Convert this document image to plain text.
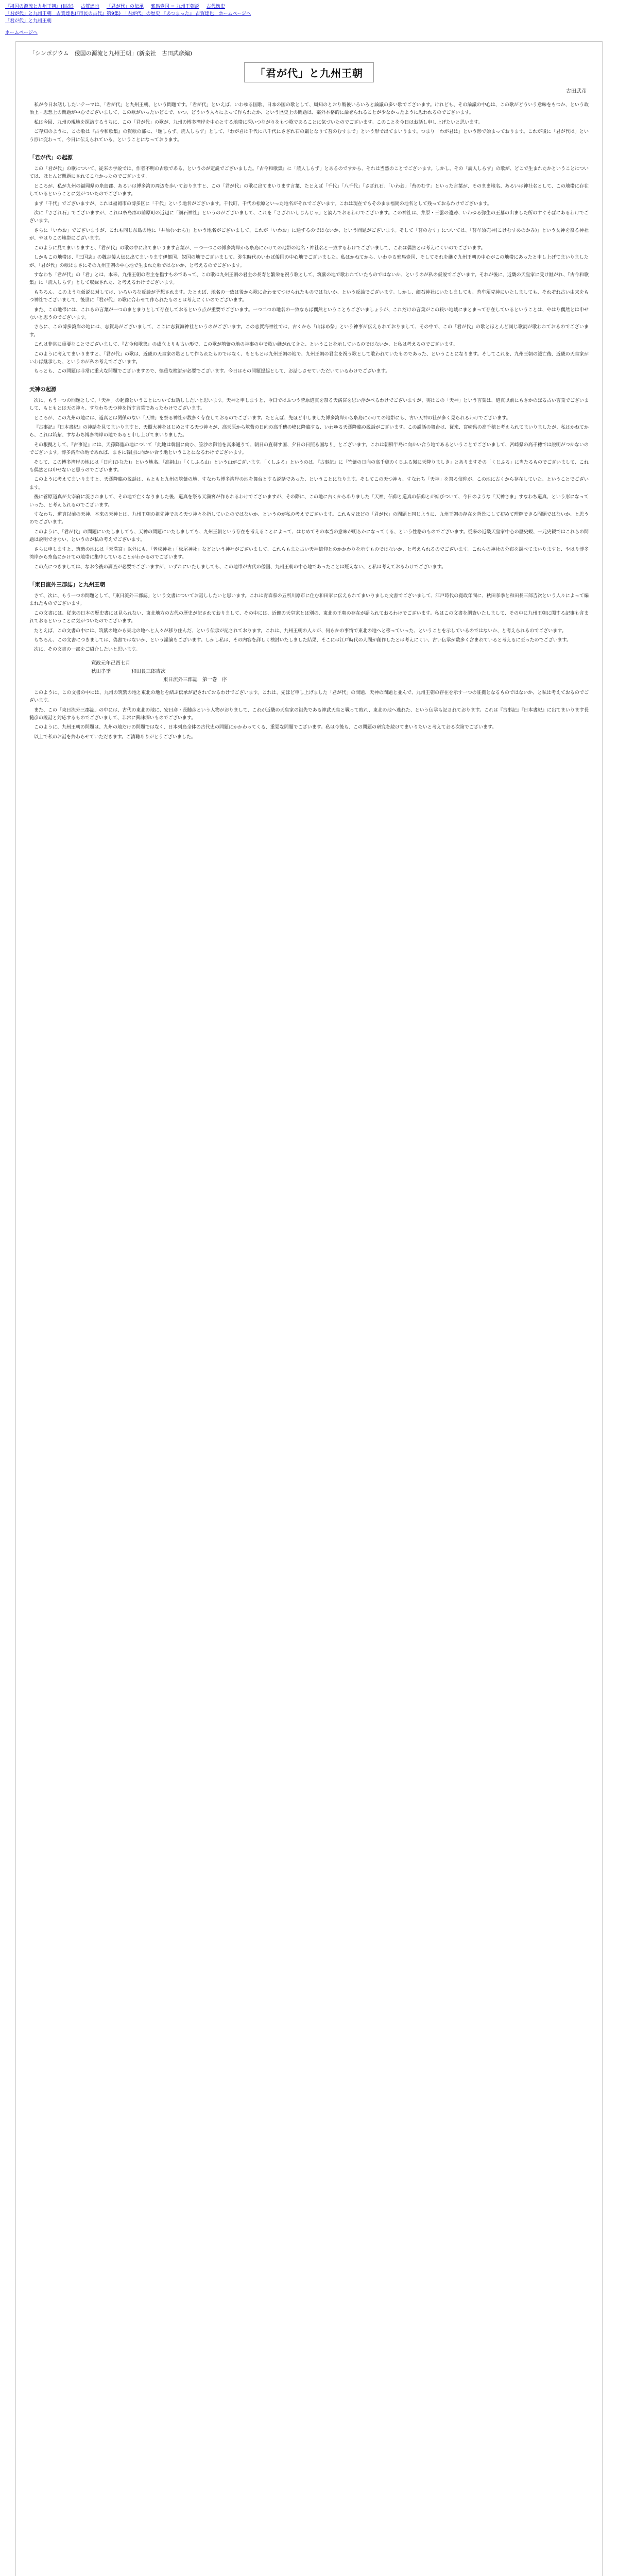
『祖国の源流と九州王朝』(目次)　 古賀達也　 「君が代」の伝承　 邪馬壹国 = 九州王朝説　 古代逸史
「君が代」と九州王朝　古賀達也(『市民の古代』第9集)　「君が代」の歴史 『あつまった』 古賀達也　ホームページへ
「君が代」と九州王朝
ホームページへ
「シンポジウム　倭国の源流と九州王朝」(新泉社　古田武彦編)
「君が代」と九州王朝
古田武彦

私が今日お話ししたいテーマは、「君が代」と九州王朝、という問題です。「君が代」といえば、いわゆる国歌、日本の国の歌として、周知のとおり戦後いろいろと論議の多い歌でございます。けれども、その論議の中心は、この歌がどういう意味をもつか、という政治上・思想上の問題が中心でございまして、この歌がいったいどこで、いつ、どういう人々によって作られたか、という歴史上の問題は、案外本格的に論ぜられることが少なかったように思われるのでございます。

私は今回、九州の現地を探訪するうちに、この「君が代」の歌が、九州の博多湾岸を中心とする地帯に深いつながりをもつ歌であることに気づいたのでございます。このことを今日はお話し申し上げたいと思います。

ご存知のように、この歌は『古今和歌集』の賀歌の部に、「題しらず、読人しらず」として、「わが君は千代に八千代にさざれ石の巌となりて苔のむすまで」という形で出てまいります。つまり「わが君は」という形で始まっております。これが後に「君が代は」という形に変わって、今日に伝えられている、ということになっております。

「君が代」の起源

この「君が代」の歌について、従来の学説では、作者不明の古歌である、というのが定説でございました。『古今和歌集』に「読人しらず」とあるのですから、それは当然のことでございます。しかし、その「読人しらず」の歌が、どこで生まれたかということについては、ほとんど問題にされてこなかったのでございます。

ところが、私が九州の福岡県の糸島郡、あるいは博多湾の周辺を歩いておりますと、この「君が代」の歌に出てまいります言葉、たとえば「千代」「八千代」「さざれ石」「いわお」「苔のむす」といった言葉が、そのまま地名、あるいは神社名として、この地帯に存在しているということに気がついたのでございます。

まず「千代」でございますが、これは福岡市の博多区に「千代」という地名がございます。千代町、千代の松原といった地名がそれでございます。これは現在でもそのまま福岡の地名として残っておるわけでございます。

次に「さざれ石」でございますが、これは糸島郡の前原町の近辺に「細石神社」というのがございまして、これを「さざれいしじんじゃ」と読んでおるわけでございます。この神社は、井原・三雲の遺跡、いわゆる弥生の王墓の出ました所のすぐそばにあるわけでございます。

さらに「いわお」でございますが、これも同じ糸島の地に「井原(いわら)」という地名がございまして、これが「いわお」に通ずるのではないか、という問題がございます。そして「苔のむす」については、「苔牟須売神(こけむすめのかみ)」という女神を祭る神社が、やはりこの地帯にございます。

このように見てまいりますと、「君が代」の歌の中に出てまいります言葉が、一つ一つこの博多湾岸から糸島にかけての地帯の地名・神社名と一致するわけでございまして、これは偶然とは考えにくいのでございます。

しかもこの地帯は、『三国志』の魏志倭人伝に出てまいります伊都国、奴国の地でございまして、弥生時代のいわば倭国の中心地でございました。私はかねてから、いわゆる邪馬壹国、そしてそれを継ぐ九州王朝の中心がこの地帯にあったと申し上げてまいりましたが、「君が代」の歌はまさにその九州王朝の中心地で生まれた歌ではないか、と考えるのでございます。

すなわち「君が代」の「君」とは、本来、九州王朝の君主を指すものであって、この歌は九州王朝の君主の長寿と繁栄を祝う歌として、筑紫の地で歌われていたものではないか、というのが私の仮説でございます。それが後に、近畿の天皇家に受け継がれ、『古今和歌集』に「読人しらず」として収録された、と考えるわけでございます。

もちろん、このような仮説に対しては、いろいろな反論が予想されます。たとえば、地名の一致は後から歌に合わせてつけられたものではないか、という反論でございます。しかし、細石神社にいたしましても、苔牟須売神にいたしましても、それぞれ古い由来をもつ神社でございまして、後世に「君が代」の歌に合わせて作られたものとは考えにくいのでございます。

また、この地帯には、これらの言葉が一つのまとまりとして存在しておるという点が重要でございます。一つ二つの地名の一致ならば偶然ということもございましょうが、これだけの言葉がこの狭い地域にまとまって存在しているということは、やはり偶然とは申せないと思うのでございます。

さらに、この博多湾岸の地には、志賀島がございまして、ここに志賀海神社というのがございます。この志賀海神社では、古くから「山ほめ祭」という神事が伝えられておりまして、その中で、この「君が代」の歌とほとんど同じ歌詞が歌われておるのでございます。

これは非常に重要なことでございまして、『古今和歌集』の成立よりも古い形で、この歌が筑紫の地の神事の中で歌い継がれてきた、ということを示しているのではないか、と私は考えるのでございます。

このように考えてまいりますと、「君が代」の歌は、近畿の天皇家の歌として作られたものではなく、もともとは九州王朝の地で、九州王朝の君主を祝う歌として歌われていたものであった、ということになります。そしてこれを、九州王朝の滅亡後、近畿の天皇家がいわば継承した、というのが私の考えでございます。

もっとも、この問題は非常に重大な問題でございますので、慎重な検討が必要でございます。今日はその問題提起として、お話しさせていただいているわけでございます。

天神の起源

次に、もう一つの問題として、「天神」の起源ということについてお話ししたいと思います。天神と申しますと、今日ではふつう菅原道真を祭る天満宮を思い浮かべるわけでございますが、実はこの「天神」という言葉は、道真以前にもさかのぼる古い言葉でございまして、もともとは天の神々、すなわち天つ神を指す言葉であったわけでございます。

ところが、この九州の地には、道真とは関係のない「天神」を祭る神社が数多く存在しておるのでございます。たとえば、先ほど申しました博多湾岸から糸島にかけての地帯にも、古い天神の社が多く見られるわけでございます。

『古事記』『日本書紀』の神話を見てまいりますと、天照大神をはじめとする天つ神々が、高天原から筑紫の日向の高千穂の峰に降臨する、いわゆる天孫降臨の説話がございます。この説話の舞台は、従来、宮崎県の高千穂と考えられてまいりましたが、私はかねてから、これは筑紫、すなわち博多湾岸の地であると申し上げてまいりました。

その根拠として、『古事記』には、天孫降臨の地について「此地は韓国に向ひ、笠沙の御前を真来通りて、朝日の直刺す国、夕日の日照る国なり」とございます。これは朝鮮半島に向かい合う地であるということでございまして、宮崎県の高千穂では説明がつかないのでございます。博多湾岸の地であれば、まさに韓国に向かい合う地ということになるわけでございます。

そして、この博多湾岸の地には「日向(ひなた)」という地名、「高祖山」「くしふる山」という山がございます。「くしふる」というのは、『古事記』に「竺紫の日向の高千穂のくじふる嶺に天降りましき」とありますその「くじふる」に当たるものでございまして、これも偶然とは申せないと思うのでございます。

このように考えてまいりますと、天孫降臨の説話は、もともと九州の筑紫の地、すなわち博多湾岸の地を舞台とする説話であった、ということになります。そしてこの天つ神々、すなわち「天神」を祭る信仰が、この地に古くから存在していた、ということでございます。

後に菅原道真が大宰府に流されまして、その地で亡くなりました後、道真を祭る天満宮が作られるわけでございますが、その際に、この地に古くからありました「天神」信仰と道真の信仰とが結びついて、今日のような「天神さま」すなわち道真、という形になっていった、と考えられるのでございます。

すなわち、道真以前の天神、本来の天神とは、九州王朝の祖先神である天つ神々を指していたのではないか、というのが私の考えでございます。これも先ほどの「君が代」の問題と同じように、九州王朝の存在を背景にして初めて理解できる問題ではないか、と思うのでございます。

このように、「君が代」の問題にいたしましても、天神の問題にいたしましても、九州王朝という存在を考えることによって、はじめてその本当の意味が明らかになってくる、という性格のものでございます。従来の近畿天皇家中心の歴史観、一元史観ではこれらの問題は説明できない、というのが私の考えでございます。

さらに申しますと、筑紫の地には「天満宮」以外にも、「老松神社」「松尾神社」などという神社がございまして、これらもまた古い天神信仰とのかかわりを示すものではないか、と考えられるのでございます。これらの神社の分布を調べてまいりますと、やはり博多湾岸から糸島にかけての地帯に集中していることがわかるのでございます。

この点につきましては、なお今後の調査が必要でございますが、いずれにいたしましても、この地帯が古代の倭国、九州王朝の中心地であったことは疑えない、と私は考えておるわけでございます。

「東日流外三郡誌」と九州王朝

さて、次に、もう一つの問題として、「東日流外三郡誌」という文書についてお話ししたいと思います。これは青森県の五所川原市に住む和田家に伝えられてまいりました文書でございまして、江戸時代の寛政年間に、秋田孝季と和田長三郎吉次という人々によって編まれたものでございます。

この文書には、従来の日本の歴史書には見られない、東北地方の古代の歴史が記されておりまして、その中には、近畿の天皇家とは別の、東北の王朝の存在が語られておるわけでございます。私はこの文書を調査いたしまして、その中に九州王朝に関する記事も含まれておるということに気がついたのでございます。

たとえば、この文書の中には、筑紫の地から東北の地へと人々が移り住んだ、という伝承が記されております。これは、九州王朝の人々が、何らかの事情で東北の地へと移っていった、ということを示しているのではないか、と考えられるのでございます。

もちろん、この文書につきましては、偽書ではないか、という議論もございます。しかし私は、その内容を詳しく検討いたしました結果、そこには江戸時代の人間が創作したとは考えにくい、古い伝承が数多く含まれていると考えるに至ったのでございます。

次に、その文書の一部をご紹介したいと思います。

寛政元年己酉七月
秋田孝季	和田長三郎吉次
東日流外三郡誌　第一巻　序

このように、この文書の中には、九州の筑紫の地と東北の地とを結ぶ伝承が記されておるわけでございます。これは、先ほど申し上げました「君が代」の問題、天神の問題と並んで、九州王朝の存在を示す一つの証拠となるものではないか、と私は考えておるのでございます。

また、この「東日流外三郡誌」の中には、古代の東北の地に、安日彦・長髄彦という人物がおりまして、これが近畿の天皇家の祖先である神武天皇と戦って敗れ、東北の地へ逃れた、という伝承も記されております。これは『古事記』『日本書紀』に出てまいります長髄彦の説話と対応するものでございまして、非常に興味深いものでございます。

このように、九州王朝の問題は、九州の地だけの問題ではなく、日本列島全体の古代史の問題にかかわってくる、重要な問題でございます。私は今後も、この問題の研究を続けてまいりたいと考えておる次第でございます。

以上で私のお話を終わらせていただきます。ご清聴ありがとうございました。
